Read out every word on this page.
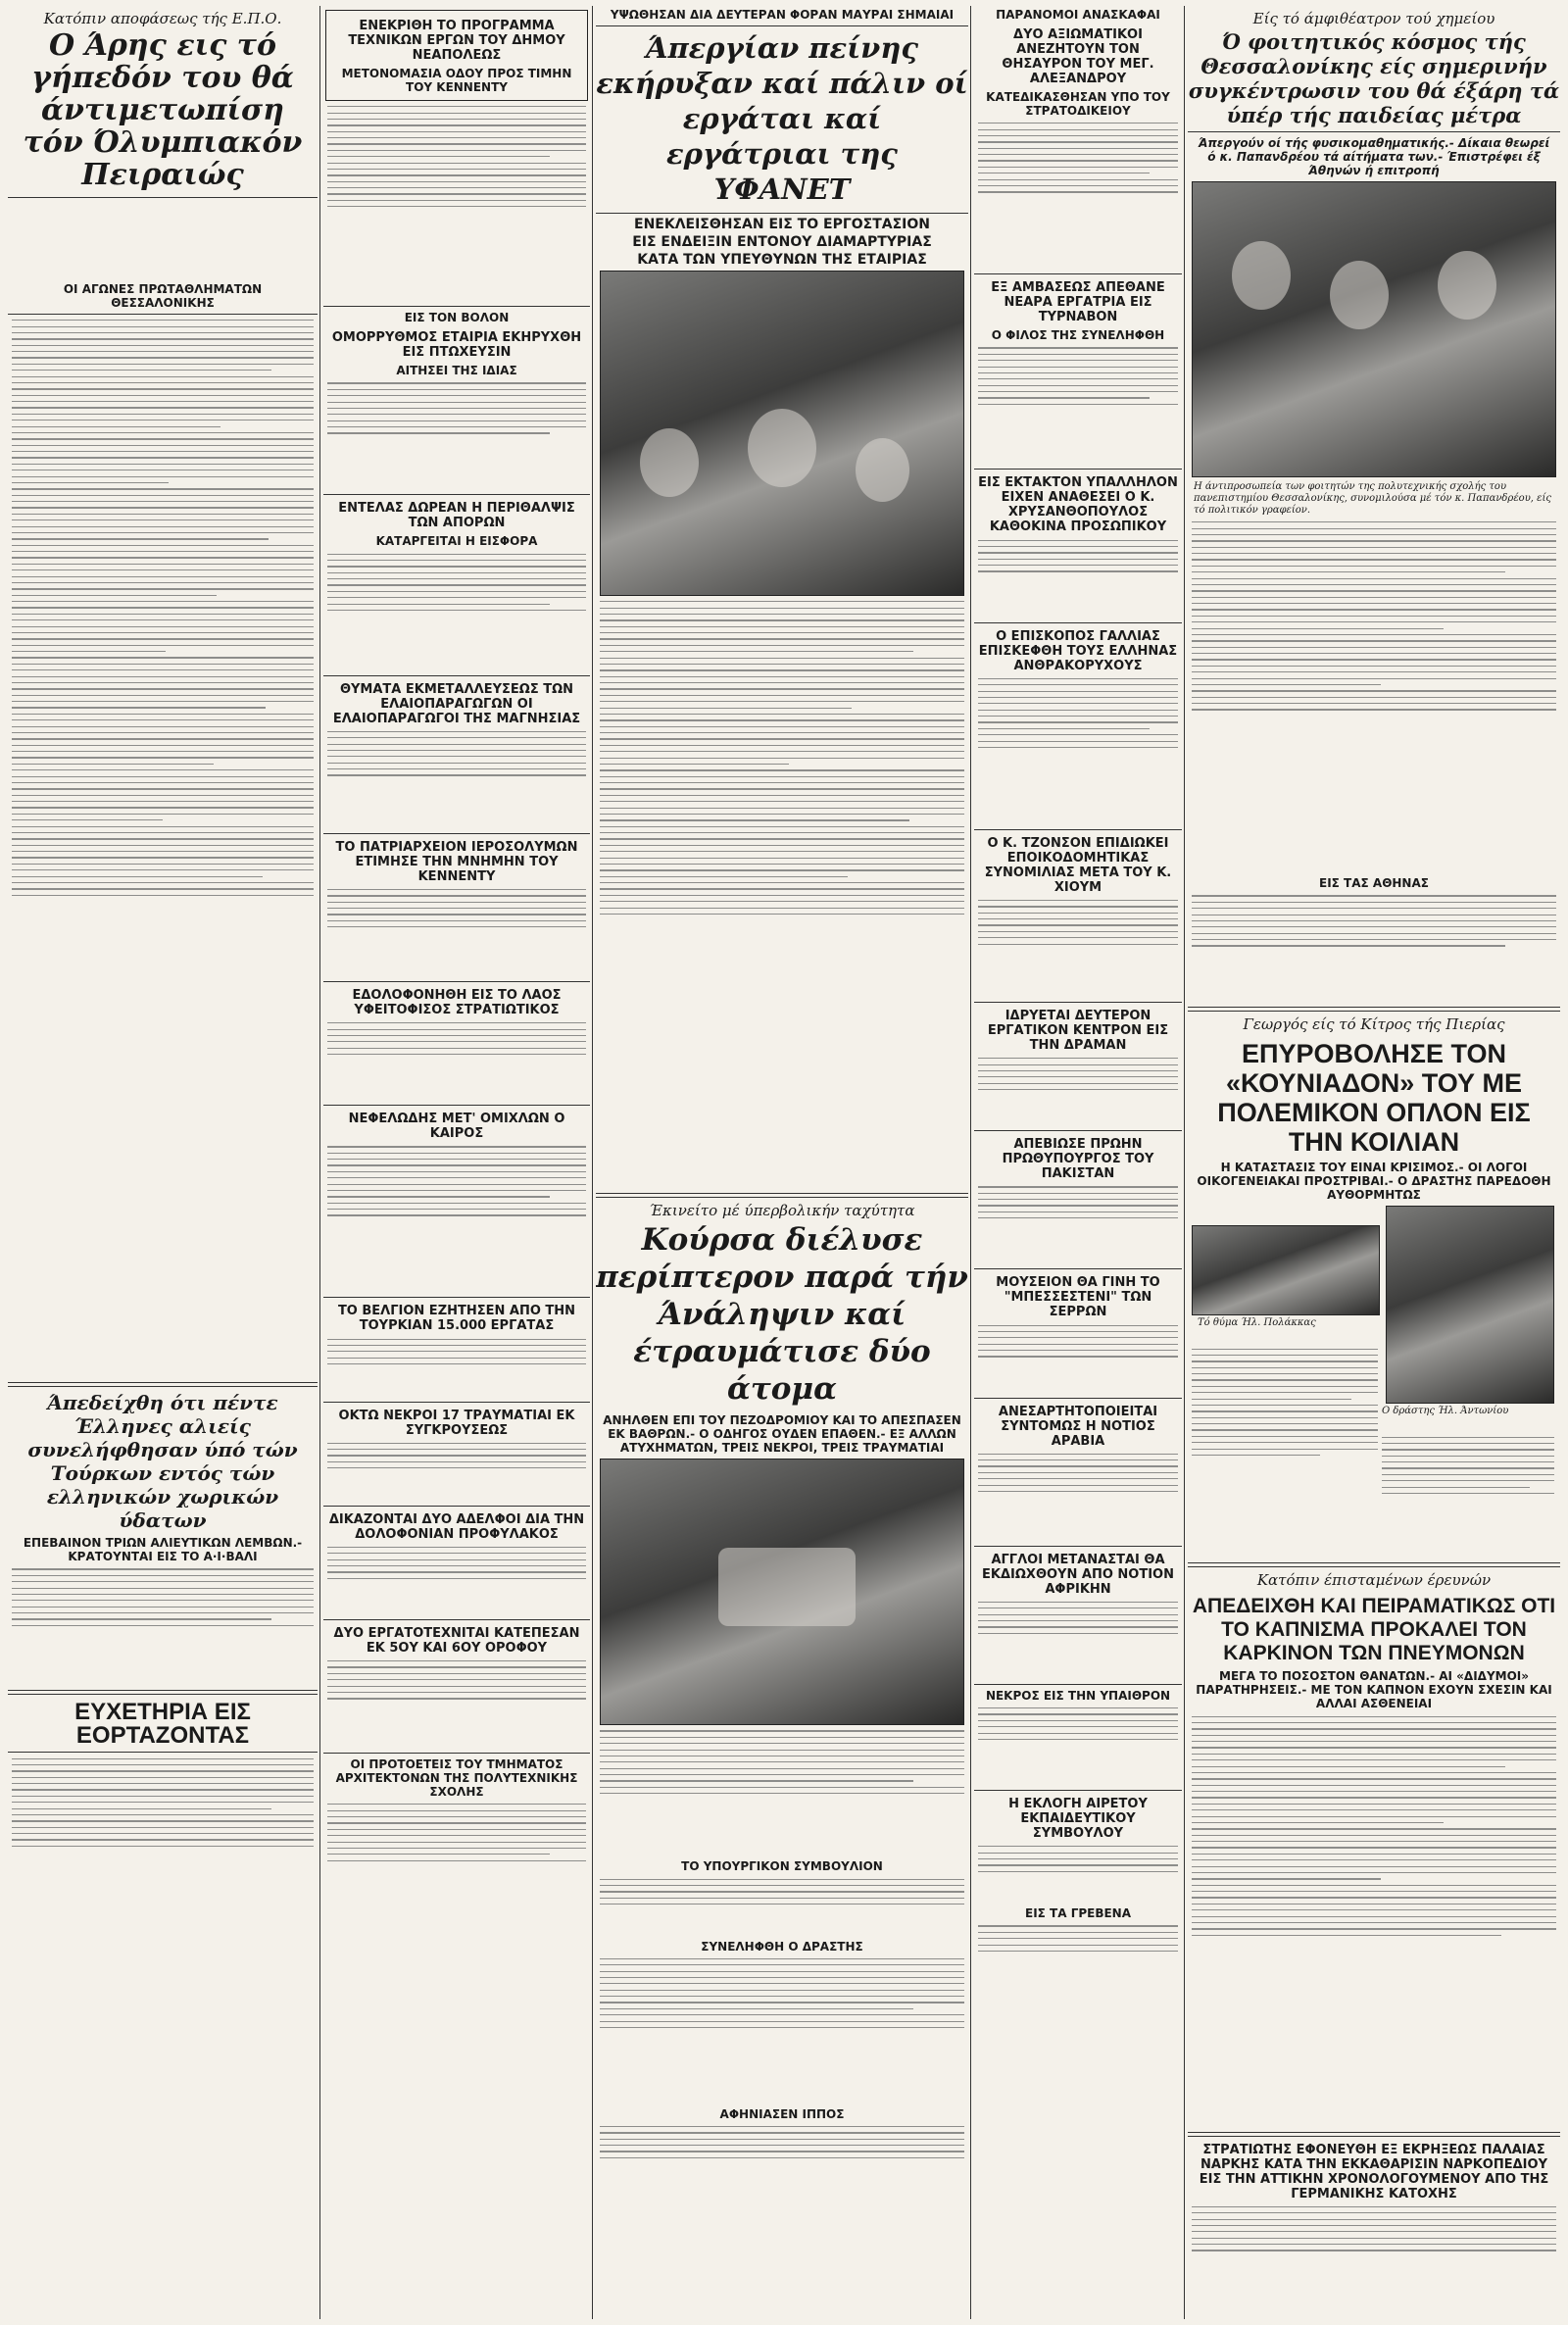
Κατόπιν αποφάσεως τής Ε.Π.Ο.
Ο Άρης εις τό γήπεδόν του θά άντιμετωπίση τόν Όλυμπιακόν Πειραιώς
ΟΙ ΑΓΩΝΕΣ ΠΡΩΤΑΘΛΗΜΑΤΩΝ ΘΕΣΣΑΛΟΝΙΚΗΣ
Άπεδείχθη ότι πέντε Έλληνες αλιείς συνελήφθησαν ύπό τών Τούρκων εντός τών ελληνικών χωρικών ύδατων
ΕΠΕΒΑΙΝΟΝ ΤΡΙΩΝ ΑΛΙΕΥΤΙΚΩΝ ΛΕΜΒΩΝ.- ΚΡΑΤΟΥΝΤΑΙ ΕΙΣ ΤΟ Α·Ι·ΒΑΛΙ
ΕΥΧΕΤΗΡΙΑ ΕΙΣ ΕΟΡΤΑΖΟΝΤΑΣ
ΕΝΕΚΡΙΘΗ ΤΟ ΠΡΟΓΡΑΜΜΑ ΤΕΧΝΙΚΩΝ ΕΡΓΩΝ ΤΟΥ ΔΗΜΟΥ ΝΕΑΠΟΛΕΩΣ
ΜΕΤΟΝΟΜΑΣΙΑ ΟΔΟΥ ΠΡΟΣ ΤΙΜΗΝ ΤΟΥ ΚΕΝΝΕΝΤΥ
ΕΙΣ ΤΟΝ ΒΟΛΟΝ
ΟΜΟΡΡΥΘΜΟΣ ΕΤΑΙΡΙΑ ΕΚΗΡΥΧΘΗ ΕΙΣ ΠΤΩΧΕΥΣΙΝ
ΑΙΤΗΣΕΙ ΤΗΣ ΙΔΙΑΣ
ΕΝΤΕΛΑΣ ΔΩΡΕΑΝ Η ΠΕΡΙΘΑΛΨΙΣ ΤΩΝ ΑΠΟΡΩΝ
ΚΑΤΑΡΓΕΙΤΑΙ Η ΕΙΣΦΟΡΑ
ΘΥΜΑΤΑ ΕΚΜΕΤΑΛΛΕΥΣΕΩΣ ΤΩΝ ΕΛΑΙΟΠΑΡΑΓΩΓΩΝ ΟΙ ΕΛΑΙΟΠΑΡΑΓΩΓΟΙ ΤΗΣ ΜΑΓΝΗΣΙΑΣ
ΤΟ ΠΑΤΡΙΑΡΧΕΙΟΝ ΙΕΡΟΣΟΛΥΜΩΝ ΕΤΙΜΗΣΕ ΤΗΝ ΜΝΗΜΗΝ ΤΟΥ ΚΕΝΝΕΝΤΥ
ΕΔΟΛΟΦΟΝΗΘΗ ΕΙΣ ΤΟ ΛΑΟΣ ΥΦΕΙΤΟΦΙΣΟΣ ΣΤΡΑΤΙΩΤΙΚΟΣ
ΝΕΦΕΛΩΔΗΣ ΜΕΤ' ΟΜΙΧΛΩΝ Ο ΚΑΙΡΟΣ
ΤΟ ΒΕΛΓΙΟΝ ΕΖΗΤΗΣΕΝ ΑΠΟ ΤΗΝ ΤΟΥΡΚΙΑΝ 15.000 ΕΡΓΑΤΑΣ
ΟΚΤΩ ΝΕΚΡΟΙ 17 ΤΡΑΥΜΑΤΙΑΙ ΕΚ ΣΥΓΚΡΟΥΣΕΩΣ
ΔΙΚΑΖΟΝΤΑΙ ΔΥΟ ΑΔΕΛΦΟΙ ΔΙΑ ΤΗΝ ΔΟΛΟΦΟΝΙΑΝ ΠΡΟΦΥΛΑΚΟΣ
ΔΥΟ ΕΡΓΑΤΟΤΕΧΝΙΤΑΙ ΚΑΤΕΠΕΣΑΝ ΕΚ 5ΟΥ ΚΑΙ 6ΟΥ ΟΡΟΦΟΥ
ΟΙ ΠΡΟΤΟΕΤΕΙΣ ΤΟΥ ΤΜΗΜΑΤΟΣ ΑΡΧΙΤΕΚΤΟΝΩΝ ΤΗΣ ΠΟΛΥΤΕΧΝΙΚΗΣ ΣΧΟΛΗΣ
ΥΨΩΘΗΣΑΝ ΔΙΑ ΔΕΥΤΕΡΑΝ ΦΟΡΑΝ ΜΑΥΡΑΙ ΣΗΜΑΙΑΙ
Άπεργίαν πείνης εκήρυξαν καί πάλιν οί εργάται καί εργάτριαι της ΥΦΑΝΕΤ
ΕΝΕΚΛΕΙΣΘΗΣΑΝ ΕΙΣ ΤΟ ΕΡΓΟΣΤΑΣΙΟΝ
ΕΙΣ ΕΝΔΕΙΞΙΝ ΕΝΤΟΝΟΥ ΔΙΑΜΑΡΤΥΡΙΑΣ
ΚΑΤΑ ΤΩΝ ΥΠΕΥΘΥΝΩΝ ΤΗΣ ΕΤΑΙΡΙΑΣ
Έκινείτο μέ ύπερβολικήν ταχύτητα
Κούρσα διέλυσε περίπτερον παρά τήν Άνάληψιν καί έτραυμάτισε δύο άτομα
ΑΝΗΛΘΕΝ ΕΠΙ ΤΟΥ ΠΕΖΟΔΡΟΜΙΟΥ ΚΑΙ ΤΟ ΑΠΕΣΠΑΣΕΝ ΕΚ ΒΑΘΡΩΝ.- Ο ΟΔΗΓΟΣ ΟΥΔΕΝ ΕΠΑΘΕΝ.- ΕΞ ΑΛΛΩΝ ΑΤΥΧΗΜΑΤΩΝ, ΤΡΕΙΣ ΝΕΚΡΟΙ, ΤΡΕΙΣ ΤΡΑΥΜΑΤΙΑΙ
ΤΟ ΥΠΟΥΡΓΙΚΟΝ ΣΥΜΒΟΥΛΙΟΝ
ΣΥΝΕΛΗΦΘΗ Ο ΔΡΑΣΤΗΣ
ΑΦΗΝΙΑΣΕΝ ΙΠΠΟΣ
ΠΑΡΑΝΟΜΟΙ ΑΝΑΣΚΑΦΑΙ
ΔΥΟ ΑΞΙΩΜΑΤΙΚΟΙ ΑΝΕΖΗΤΟΥΝ ΤΟΝ ΘΗΣΑΥΡΟΝ ΤΟΥ ΜΕΓ. ΑΛΕΞΑΝΔΡΟΥ
ΚΑΤΕΔΙΚΑΣΘΗΣΑΝ ΥΠΟ ΤΟΥ ΣΤΡΑΤΟΔΙΚΕΙΟΥ
ΕΞ ΑΜΒΑΣΕΩΣ ΑΠΕΘΑΝΕ ΝΕΑΡΑ ΕΡΓΑΤΡΙΑ ΕΙΣ ΤΥΡΝΑΒΟΝ
Ο ΦΙΛΟΣ ΤΗΣ ΣΥΝΕΛΗΦΘΗ
ΕΙΣ ΕΚΤΑΚΤΟΝ ΥΠΑΛΛΗΛΟΝ ΕΙΧΕΝ ΑΝΑΘΕΣΕΙ Ο Κ. ΧΡΥΣΑΝΘΟΠΟΥΛΟΣ ΚΑΘΟΚΙΝΑ ΠΡΟΣΩΠΙΚΟΥ
Ο ΕΠΙΣΚΟΠΟΣ ΓΑΛΛΙΑΣ ΕΠΙΣΚΕΦΘΗ ΤΟΥΣ ΕΛΛΗΝΑΣ ΑΝΘΡΑΚΟΡΥΧΟΥΣ
Ο Κ. ΤΖΟΝΣΟΝ ΕΠΙΔΙΩΚΕΙ ΕΠΟΙΚΟΔΟΜΗΤΙΚΑΣ ΣΥΝΟΜΙΛΙΑΣ ΜΕΤΑ ΤΟΥ Κ. ΧΙΟΥΜ
ΙΔΡΥΕΤΑΙ ΔΕΥΤΕΡΟΝ ΕΡΓΑΤΙΚΟΝ ΚΕΝΤΡΟΝ ΕΙΣ ΤΗΝ ΔΡΑΜΑΝ
ΑΠΕΒΙΩΣΕ ΠΡΩΗΝ ΠΡΩΘΥΠΟΥΡΓΟΣ ΤΟΥ ΠΑΚΙΣΤΑΝ
ΜΟΥΣΕΙΟΝ ΘΑ ΓΙΝΗ ΤΟ "ΜΠΕΣΣΕΣΤΕΝΙ" ΤΩΝ ΣΕΡΡΩΝ
ΑΝΕΣΑΡΤΗΤΟΠΟΙΕΙΤΑΙ ΣΥΝΤΟΜΩΣ Η ΝΟΤΙΟΣ ΑΡΑΒΙΑ
ΑΓΓΛΟΙ ΜΕΤΑΝΑΣΤΑΙ ΘΑ ΕΚΔΙΩΧΘΟΥΝ ΑΠΟ ΝΟΤΙΟΝ ΑΦΡΙΚΗΝ
ΝΕΚΡΟΣ ΕΙΣ ΤΗΝ ΥΠΑΙΘΡΟΝ
Η ΕΚΛΟΓΗ ΑΙΡΕΤΟΥ ΕΚΠΑΙΔΕΥΤΙΚΟΥ ΣΥΜΒΟΥΛΟΥ
ΕΙΣ ΤΑ ΓΡΕΒΕΝΑ
Είς τό άμφιθέατρον τού χημείου
Ό φοιτητικός κόσμος τής Θεσσαλονίκης είς σημερινήν συγκέντρωσιν του θά έξάρη τά ύπέρ τής παιδείας μέτρα
Άπεργούν οί τής φυσικομαθηματικής.- Δίκαια θεωρεί ό κ. Παπανδρέου τά αίτήματα των.- Έπιστρέφει έξ Άθηνών ή επιτροπή
Η άντιπροσωπεία των φοιτητών της πολυτεχνικής σχολής του πανεπιστημίου Θεσσαλονίκης, συνομιλούσα μέ τόν κ. Παπανδρέου, είς τό πολιτικόν γραφείον.
ΕΙΣ ΤΑΣ ΑΘΗΝΑΣ
Γεωργός είς τό Κίτρος τής Πιερίας
ΕΠΥΡΟΒΟΛΗΣΕ ΤΟΝ «ΚΟΥΝΙΑΔΟΝ» ΤΟΥ ΜΕ ΠΟΛΕΜΙΚΟΝ ΟΠΛΟΝ ΕΙΣ ΤΗΝ ΚΟΙΛΙΑΝ
Η ΚΑΤΑΣΤΑΣΙΣ ΤΟΥ ΕΙΝΑΙ ΚΡΙΣΙΜΟΣ.- ΟΙ ΛΟΓΟΙ ΟΙΚΟΓΕΝΕΙΑΚΑΙ ΠΡΟΣΤΡΙΒΑΙ.- Ο ΔΡΑΣΤΗΣ ΠΑΡΕΔΟΘΗ ΑΥΘΟΡΜΗΤΩΣ
Ο δράστης Ήλ. Άντωνίου
Τό θύμα Ήλ. Πολάκκας
Κατόπιν έπισταμένων έρευνών
ΑΠΕΔΕΙΧΘΗ ΚΑΙ ΠΕΙΡΑΜΑΤΙΚΩΣ ΟΤΙ ΤΟ ΚΑΠΝΙΣΜΑ ΠΡΟΚΑΛΕΙ ΤΟΝ ΚΑΡΚΙΝΟΝ ΤΩΝ ΠΝΕΥΜΟΝΩΝ
ΜΕΓΑ ΤΟ ΠΟΣΟΣΤΟΝ ΘΑΝΑΤΩΝ.- ΑΙ «ΔΙΔΥΜΟΙ» ΠΑΡΑΤΗΡΗΣΕΙΣ.- ΜΕ ΤΟΝ ΚΑΠΝΟΝ ΕΧΟΥΝ ΣΧΕΣΙΝ ΚΑΙ ΑΛΛΑΙ ΑΣΘΕΝΕΙΑΙ
ΣΤΡΑΤΙΩΤΗΣ ΕΦΟΝΕΥΘΗ ΕΞ ΕΚΡΗΞΕΩΣ ΠΑΛΑΙΑΣ ΝΑΡΚΗΣ ΚΑΤΑ ΤΗΝ ΕΚΚΑΘΑΡΙΣΙΝ ΝΑΡΚΟΠΕΔΙΟΥ ΕΙΣ ΤΗΝ ΑΤΤΙΚΗΝ ΧΡΟΝΟΛΟΓΟΥΜΕΝΟΥ ΑΠΟ ΤΗΣ ΓΕΡΜΑΝΙΚΗΣ ΚΑΤΟΧΗΣ
